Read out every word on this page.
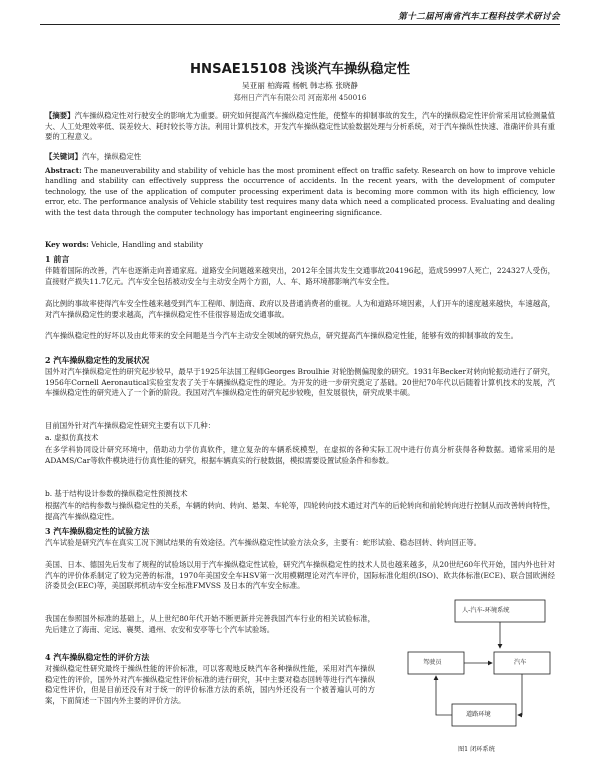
第十二届河南省汽车工程科技学术研讨会
HNSAE15108 浅谈汽车操纵稳定性
吴亚丽 柏海霞 杨帆 韩志栋 张晓静
郑州日产汽车有限公司 河南郑州 450016
【摘要】汽车操纵稳定性对行驶安全的影响尤为重要。研究如何提高汽车操纵稳定性能，使整车的抑制事故的发生，汽车的操纵稳定性评价常采用试验测量值大、人工处理效率低、误差较大、耗时较长等方法。利用计算机技术，开发汽车操纵稳定性试验数据处理与分析系统，对于汽车操纵性快速、准确评价具有重要的工程意义。
【关键词】汽车，操纵稳定性
Abstract: The maneuverability and stability of vehicle has the most prominent effect on traffic safety. Research on how to improve vehicle handling and stability can effectively suppress the occurrence of accidents. In the recent years, with the development of computer technology, the use of the application of computer processing experiment data is becoming more common with its high efficiency, low error, etc. The performance analysis of Vehicle stability test requires many data which need a complicated process. Evaluating and dealing with the test data through the computer technology has important engineering significance.
Key words: Vehicle, Handling and stability
1 前言
伴随着国际的改善，汽车也逐渐走向普通家庭。道路安全问题越来越突出，2012年全国共发生交通事故204196起，造成59997人死亡，224327人受伤，直接财产损失11.7亿元。汽车安全包括被动安全与主动安全两个方面，人、车、路环境都影响汽车安全性。
高比例的事故率使得汽车安全性越来越受到汽车工程师、制造商、政府以及普通消费者的重视。人为和道路环境因素，人们开车的速度越来越快，车速越高，对汽车操纵稳定性的要求越高，汽车操纵稳定性不佳很容易造成交通事故。
汽车操纵稳定性的好坏以及由此带来的安全问题是当今汽车主动安全领域的研究热点，研究提高汽车操纵稳定性能，能够有效的抑制事故的发生。
2 汽车操纵稳定性的发展状况
国外对汽车操纵稳定性的研究起步较早，最早于1925年法国工程师Georges Broulhie 对轮胎侧偏现象的研究。1931年Becker对转向轮振动进行了研究，1956年Cornell Aeronautical实验室发表了关于车辆操纵稳定性的理论。为开发的进一步研究奠定了基础。20世纪70年代以后随着计算机技术的发展，汽车操纵稳定性的研究进入了一个新的阶段。我国对汽车操纵稳定性的研究起步较晚，但发展很快，研究成果丰硕。
目前国外针对汽车操纵稳定性研究主要有以下几种：
a. 虚拟仿真技术
在多学科协同设计研究环境中，借助动力学仿真软件，建立复杂的车辆系统模型，在虚拟的各种实际工况中进行仿真分析获得各种数据。通常采用的是ADAMS/Car等软件模块进行仿真性能的研究，根据车辆真实的行驶数据，模拟需要设置试验条件和参数。
b. 基于结构设计参数的操纵稳定性预测技术
根据汽车的结构参数与操纵稳定性的关系，车辆的转向、转向、悬架、车轮等，四轮转向技术通过对汽车的后轮转向和前轮转向进行控制从而改善转向特性，提高汽车操纵稳定性。
3 汽车操纵稳定性的试验方法
汽车试验是研究汽车在真实工况下测试结果的有效途径。汽车操纵稳定性试验方法众多，主要有：蛇形试验、稳态回转、转向回正等。
美国、日本、德国先后发布了规程的试验场以用于汽车操纵稳定性试验，研究汽车操纵稳定性的技术人员也越来越多，从20世纪60年代开始，国内外也针对汽车的评价体系制定了较为完善的标准，1970年美国安全车HSV第一次用模糊理论对汽车评价，国际标准化组织(ISO)、欧共体标准(ECE)、联合国欧洲经济委员会(EEC)等，美国联邦机动车安全标准FMVSS 及日本的汽车安全标准。
我国在参照国外标准的基础上，从上世纪80年代开始不断更新并完善我国汽车行业的相关试验标准，先后建立了海南、定远、襄樊、通州、农安和安亭等七个汽车试验场。
4 汽车操纵稳定性的评价方法
对操纵稳定性研究最终于操纵性能的评价标准，可以客观地反映汽车各种操纵性能，采用对汽车操纵稳定性的评价，国外外对汽车操纵稳定性评价标准的进行研究，其中主要对稳态回转等进行汽车操纵稳定性评价，但是目前还没有对于统一的评价标准方法的系统，国内外还没有一个被普遍认可的方案，下面简述一下国内外主要的评价方法。
人-汽车-环境系统
驾驶员	汽车
道路环境
图1 闭环系统
